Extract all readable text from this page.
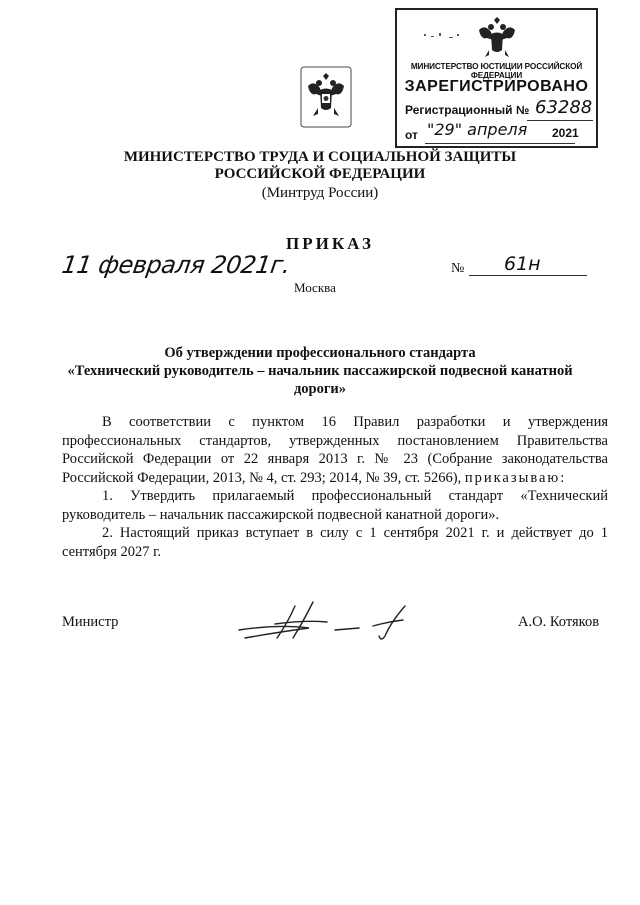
МИНИСТЕРСТВО ЮСТИЦИИ РОССИЙСКОЙ ФЕДЕРАЦИИ
ЗАРЕГИСТРИРОВАНО
Регистрационный № 63288
от "29" апреля 2021
МИНИСТЕРСТВО ТРУДА И СОЦИАЛЬНОЙ ЗАЩИТЫ
РОССИЙСКОЙ ФЕДЕРАЦИИ
(Минтруд России)
ПРИКАЗ
11 февраля 2021г.	№ 61н
Москва
Об утверждении профессионального стандарта
«Технический руководитель – начальник пассажирской подвесной канатной
дороги»

В соответствии с пунктом 16 Правил разработки и утверждения профессиональных стандартов, утвержденных постановлением Правительства Российской Федерации от 22 января 2013 г. № 23 (Собрание законодательства Российской Федерации, 2013, № 4, ст. 293; 2014, № 39, ст. 5266), приказываю:

1. Утвердить прилагаемый профессиональный стандарт «Технический руководитель – начальник пассажирской подвесной канатной дороги».

2. Настоящий приказ вступает в силу с 1 сентября 2021 г. и действует до 1 сентября 2027 г.

Министр	А.О. Котяков
